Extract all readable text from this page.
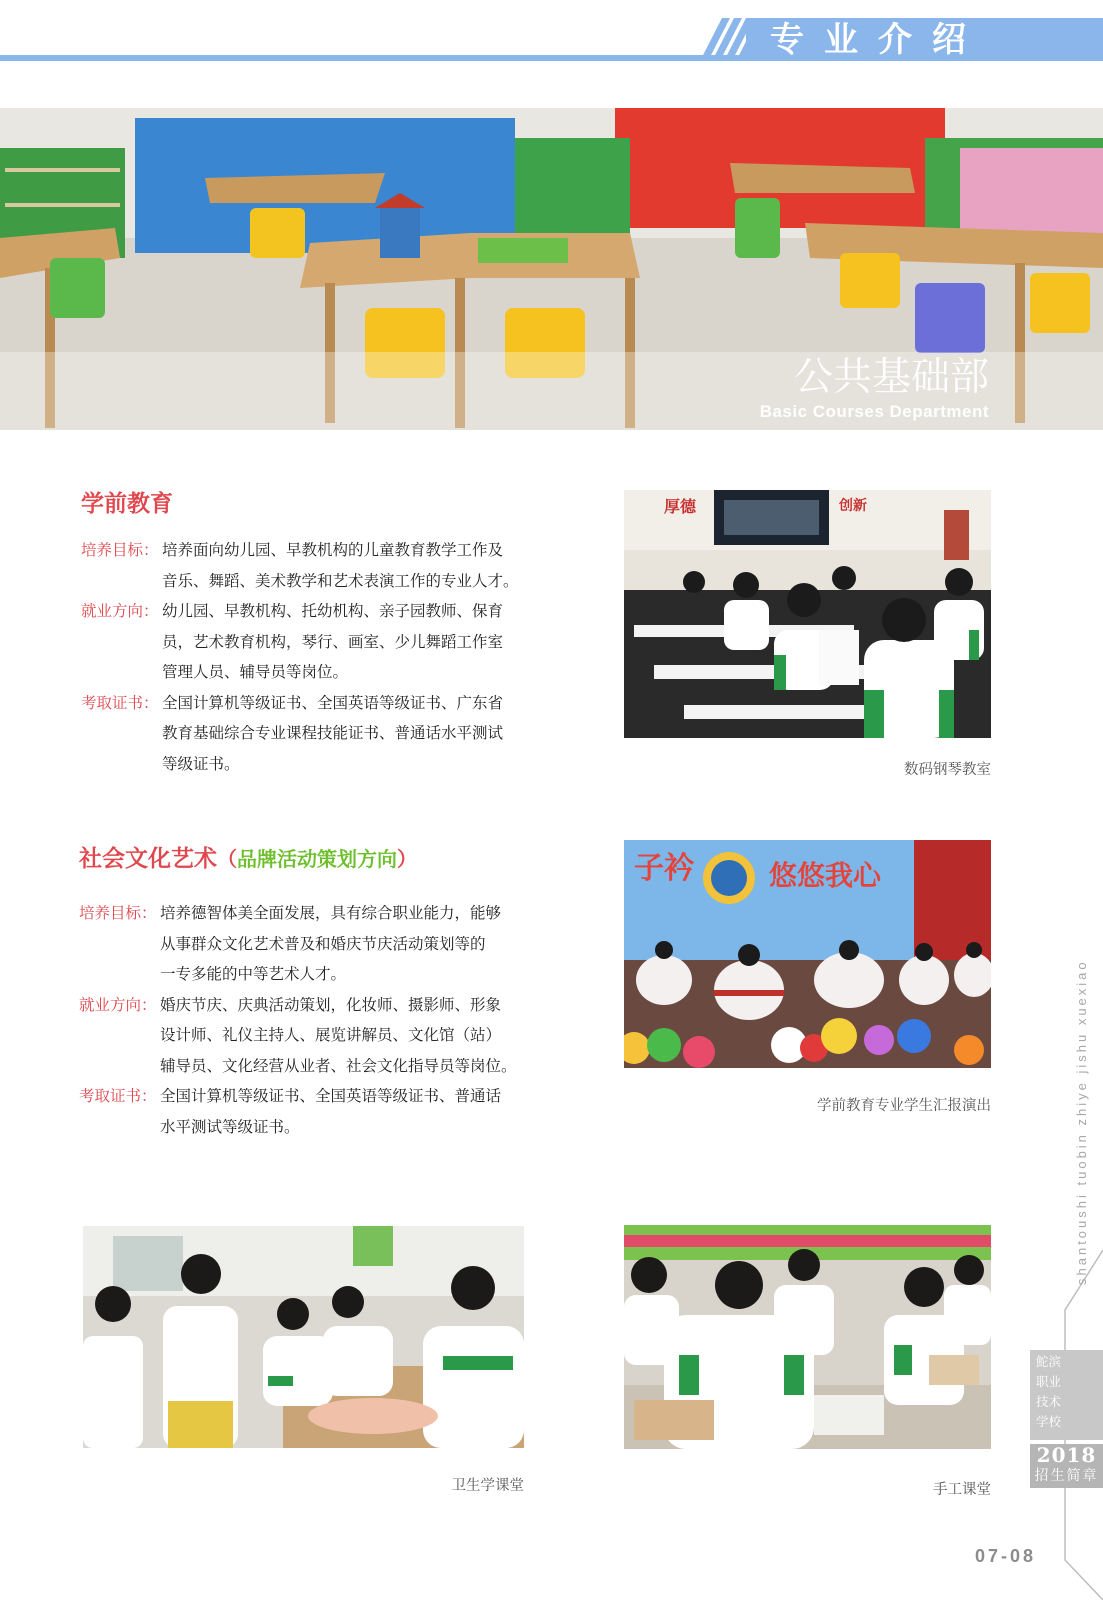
专业介绍
公共基础部
Basic Courses Department
学前教育
培养目标： 培养面向幼儿园、早教机构的儿童教育教学工作及
音乐、舞蹈、美术教学和艺术表演工作的专业人才。
就业方向： 幼儿园、早教机构、托幼机构、亲子园教师、保育
员，艺术教育机构，琴行、画室、少儿舞蹈工作室
管理人员、辅导员等岗位。
考取证书： 全国计算机等级证书、全国英语等级证书、广东省
教育基础综合专业课程技能证书、普通话水平测试
等级证书。
厚德	创新
数码钢琴教室
社会文化艺术（品牌活动策划方向）
培养目标： 培养德智体美全面发展，具有综合职业能力，能够
从事群众文化艺术普及和婚庆节庆活动策划等的
一专多能的中等艺术人才。
就业方向： 婚庆节庆、庆典活动策划，化妆师、摄影师、形象
设计师、礼仪主持人、展览讲解员、文化馆（站）
辅导员、文化经营从业者、社会文化指导员等岗位。
考取证书： 全国计算机等级证书、全国英语等级证书、普通话
水平测试等级证书。
子衿	悠悠我心
学前教育专业学生汇报演出
卫生学课堂	手工课堂
shantoushi tuobin zhiye jishu xuexiao
鮀滨
职业
技术
学校
2018
招生简章
07-08
